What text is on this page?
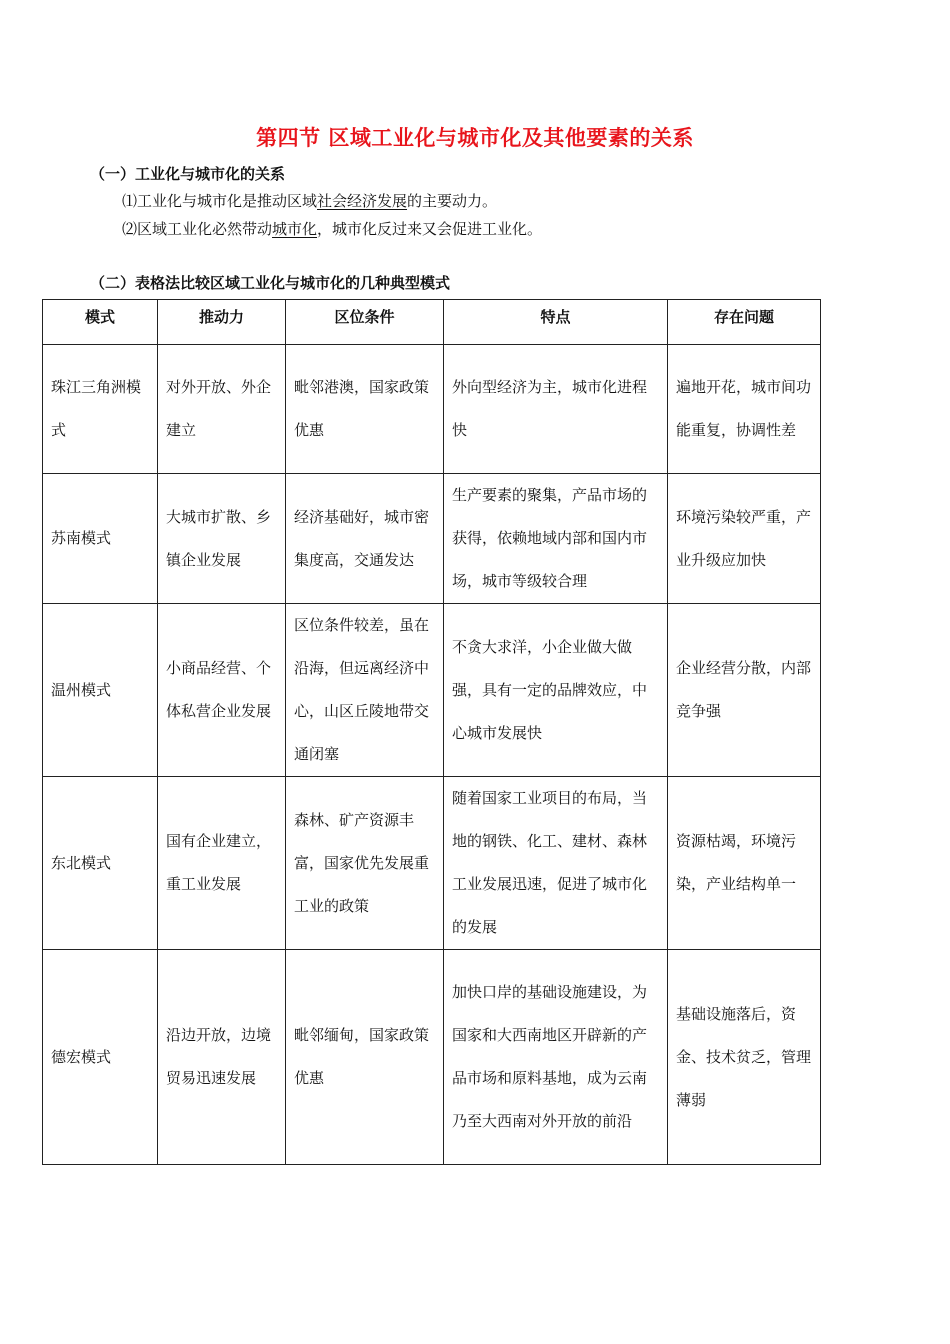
第四节 区域工业化与城市化及其他要素的关系
（一）工业化与城市化的关系
⑴工业化与城市化是推动区域社会经济发展的主要动力。
⑵区域工业化必然带动城市化，城市化反过来又会促进工业化。
（二）表格法比较区域工业化与城市化的几种典型模式
模式	推动力	区位条件	特点	存在问题
珠江三角洲模式	对外开放、外企建立	毗邻港澳，国家政策优惠	外向型经济为主，城市化进程快	遍地开花，城市间功能重复，协调性差
苏南模式	大城市扩散、乡镇企业发展	经济基础好，城市密集度高，交通发达	生产要素的聚集，产品市场的获得，依赖地域内部和国内市场，城市等级较合理	环境污染较严重，产业升级应加快
温州模式	小商品经营、个体私营企业发展	区位条件较差，虽在沿海，但远离经济中心，山区丘陵地带交通闭塞	不贪大求洋，小企业做大做强，具有一定的品牌效应，中心城市发展快	企业经营分散，内部竞争强
东北模式	国有企业建立，重工业发展	森林、矿产资源丰富，国家优先发展重工业的政策	随着国家工业项目的布局，当地的钢铁、化工、建材、森林工业发展迅速，促进了城市化的发展	资源枯竭，环境污染，产业结构单一
德宏模式	沿边开放，边境贸易迅速发展	毗邻缅甸，国家政策优惠	加快口岸的基础设施建设，为国家和大西南地区开辟新的产品市场和原料基地，成为云南乃至大西南对外开放的前沿	基础设施落后，资金、技术贫乏，管理薄弱
